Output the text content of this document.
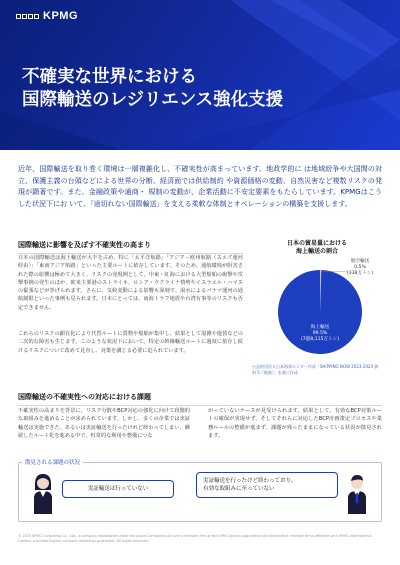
KPMG
不確実な世界における
国際輸送のレジリエンス強化支援

近年、国際輸送を取り巻く環境は一層複雑化し、不確実性が高まっています。地政学的に は地域紛争や大国間の対立、保護主義の台頭などによる世界の分断、経済面では供給制約 や資源価格の変動、自然災害など複数リスクの発現が顕著です。また、金融政策や通商・ 規制の変動が、企業活動に不安定要素をもたらしています。KPMGはこうした状況下にお いて、「途切れない国際輸送」を支える柔軟な体制とオペレーションの構築を支援します。

国際輸送に影響を及ぼす不確実性の高まり

日本の国際輸送は海上輸送が大半を占め、特に「太平洋航路」「アジア－欧州航路（スエズ運河経由）」「東南アジア航路」といった主要ルートに依存しています。そのため、通航環境が阻害された際の影響は極めて大きく、リスクの発現例として、中東・紅海における大型船舶の砲撃や攻撃事例の発生のほか、欧米主要港のストライキ、ロシア・ウクライナ情勢やイスラエル・ハマスの緊張などが挙げられます。さらに、気候変動による影響も深刻で、渇水によるパナマ運河の通航制限といった事例も見られます。日本にとっては、南海トラフ地震や台湾有事等のリスクも否定できません。

これらのリスクの顕在化により代替ルートに貨物や船舶が集中し、結果として混雑や運賃などの二次的な障害も生じます。このような状況下において、特定の幹線輸送ルートに過度に依存し続けるリスクについて改めて見直し、対策を講じる必要に迫られています。

航空輸送
0.5%
(338万トン)
海上輸送
99.5%
(7億8,115万トン)
日本の貿易量における
海上輸送の割合
公益財団法人日本海事センター作成「SHIPPING NOW 2023-2024 資料 5（数値）」を基に作成
国際輸送の不確実性への対応における課題

不確実性の高まりを背景に、リスク分散やBCP対応の強化に向けて段階的な取組みを進めることが求められています。しかし、多くの企業では実証輸送は実施できた、あるいは実証輸送を行ったけれど終わってしまい、継続したルート化を進める中で、恒常的な利用や整備につな

がっていないケースが見受けられます。結果として、有効なBCP対策ルートの確保が実現せず、そしてそれらに対応したBCP計画策定プロセスや業務ルールの整備が進まず、課題が残ったままになっている状況が散見されます。

散見される課題の状況
実証輸送は行っていない
実証輸送を行ったけど終わっており、
有効な取組みに至っていない
© 2025 KPMG Consulting Co., Ltd., a company established under the Japan Companies Act and a member firm of the KPMG global organization of independent member firms affiliated with KPMG International Limited, a private English company limited by guarantee. All rights reserved.
